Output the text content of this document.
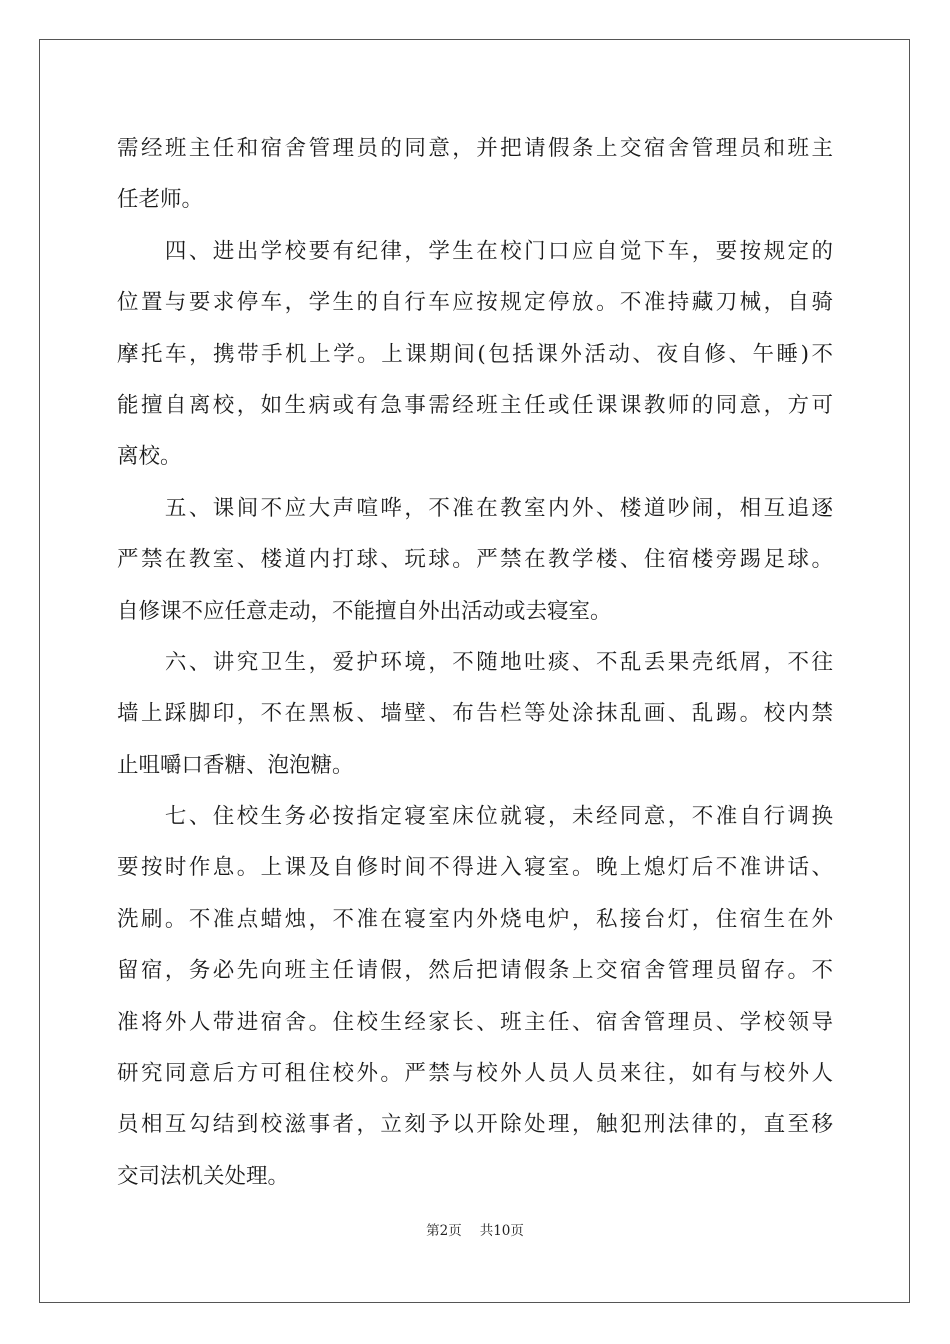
需经班主任和宿舍管理员的同意，并把请假条上交宿舍管理员和班主
任老师。
　　四、进出学校要有纪律，学生在校门口应自觉下车，要按规定的
位置与要求停车，学生的自行车应按规定停放。不准持藏刀械，自骑
摩托车，携带手机上学。上课期间(包括课外活动、夜自修、午睡)不
能擅自离校，如生病或有急事需经班主任或任课课教师的同意，方可
离校。
　　五、课间不应大声喧哗，不准在教室内外、楼道吵闹，相互追逐
严禁在教室、楼道内打球、玩球。严禁在教学楼、住宿楼旁踢足球。
自修课不应任意走动，不能擅自外出活动或去寝室。
　　六、讲究卫生，爱护环境，不随地吐痰、不乱丢果壳纸屑，不往
墙上踩脚印，不在黑板、墙壁、布告栏等处涂抹乱画、乱踢。校内禁
止咀嚼口香糖、泡泡糖。
　　七、住校生务必按指定寝室床位就寝，未经同意，不准自行调换
要按时作息。上课及自修时间不得进入寝室。晚上熄灯后不准讲话、
洗刷。不准点蜡烛，不准在寝室内外烧电炉，私接台灯，住宿生在外
留宿，务必先向班主任请假，然后把请假条上交宿舍管理员留存。不
准将外人带进宿舍。住校生经家长、班主任、宿舍管理员、学校领导
研究同意后方可租住校外。严禁与校外人员人员来往，如有与校外人
员相互勾结到校滋事者，立刻予以开除处理，触犯刑法律的，直至移
交司法机关处理。
第2页 共10页
